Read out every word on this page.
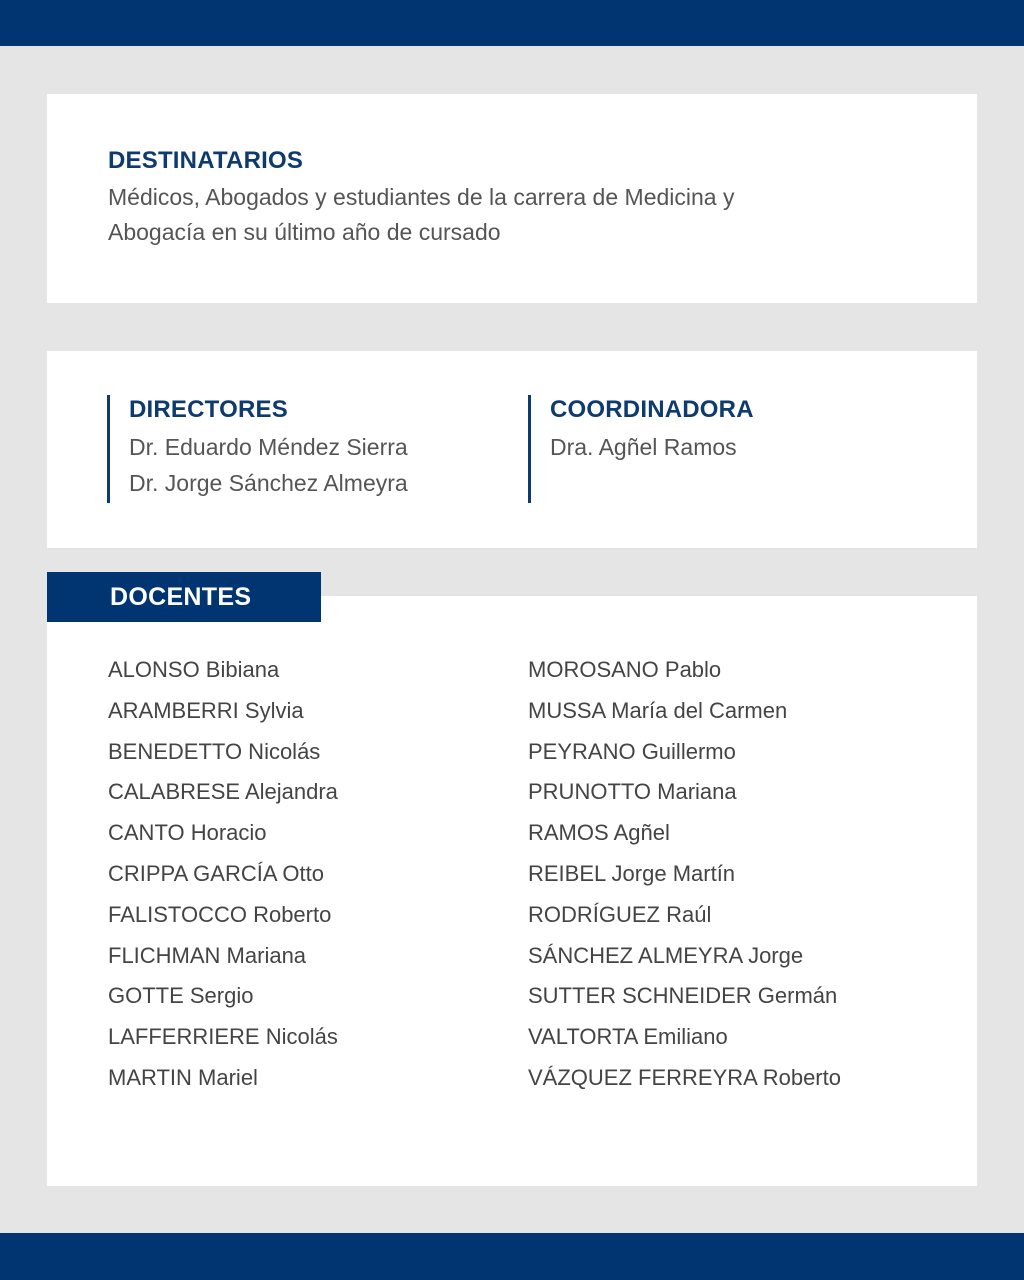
DESTINATARIOS

Médicos, Abogados y estudiantes de la carrera de Medicina y

Abogacía en su último año de cursado

DIRECTORES

Dr. Eduardo Méndez Sierra

Dr. Jorge Sánchez Almeyra

COORDINADORA

Dra. Agñel Ramos

ALONSO Bibiana
ARAMBERRI Sylvia
BENEDETTO Nicolás
CALABRESE Alejandra
CANTO Horacio
CRIPPA GARCÍA Otto
FALISTOCCO Roberto
FLICHMAN Mariana
GOTTE Sergio
LAFFERRIERE Nicolás
MARTIN Mariel
MOROSANO Pablo
MUSSA María del Carmen
PEYRANO Guillermo
PRUNOTTO Mariana
RAMOS Agñel
REIBEL Jorge Martín
RODRÍGUEZ Raúl
SÁNCHEZ ALMEYRA Jorge
SUTTER SCHNEIDER Germán
VALTORTA Emiliano
VÁZQUEZ FERREYRA Roberto
DOCENTES
